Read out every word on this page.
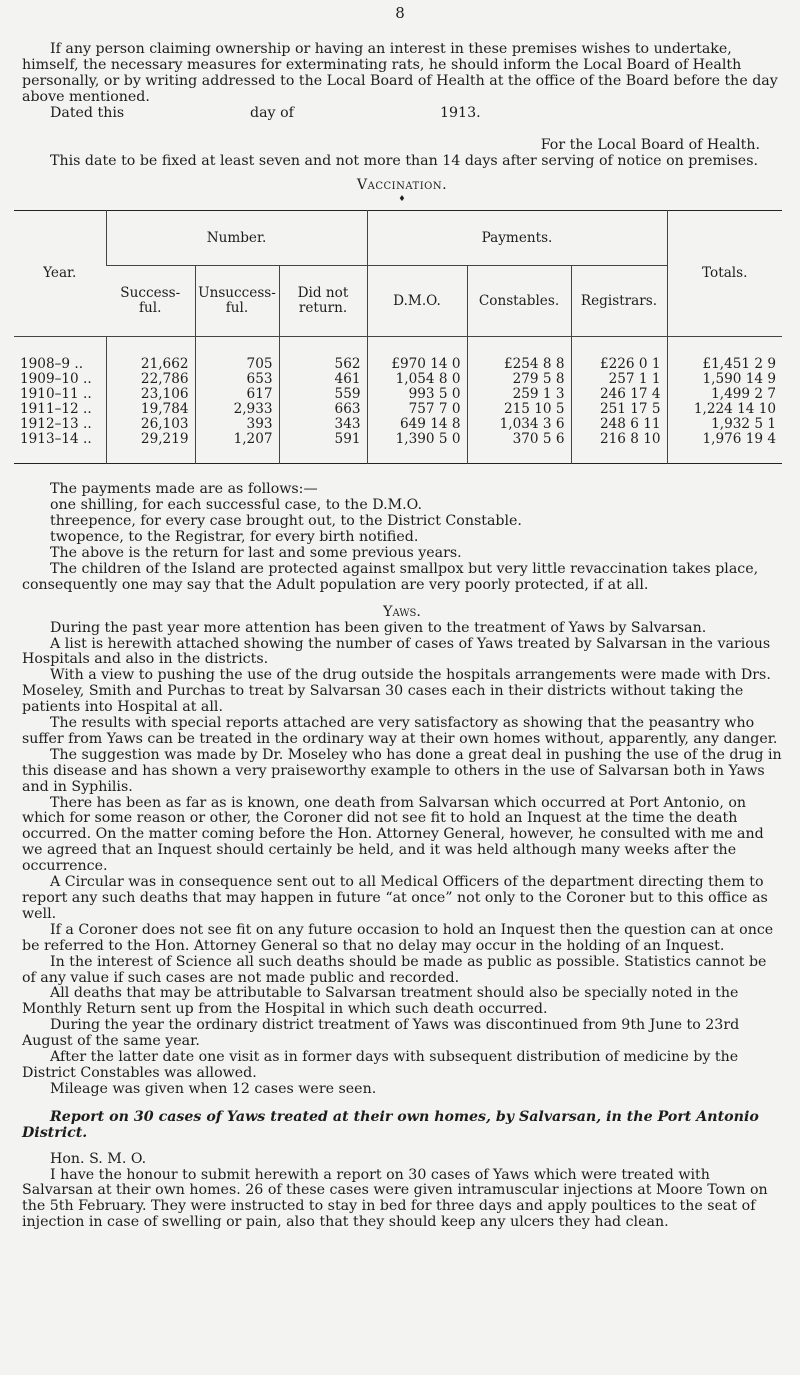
8

If any person claiming ownership or having an interest in these premises wishes to undertake, himself, the necessary measures for exterminating rats, he should inform the Local Board of Health personally, or by writing addressed to the Local Board of Health at the office of the Board before the day above mentioned.

Dated this	day of	1913.

For the Local Board of Health.

This date to be fixed at least seven and not more than 14 days after serving of notice on premises.

Vaccination.
♦
Year.	Number.			Payments.			Totals.
	Success- ful.	Unsuccess- ful.	Did not return.	D.M.O.	Constables.	Registrars.	

1908–9 ..	21,662	705	562	£970 14 0	£254 8 8	£226 0 1	£1,451 2 9
1909–10 ..	22,786	653	461	1,054 8 0	279 5 8	257 1 1	1,590 14 9
1910–11 ..	23,106	617	559	993 5 0	259 1 3	246 17 4	1,499 2 7
1911–12 ..	19,784	2,933	663	757 7 0	215 10 5	251 17 5	1,224 14 10
1912–13 ..	26,103	393	343	649 14 8	1,034 3 6	248 6 11	1,932 5 1
1913–14 ..	29,219	1,207	591	1,390 5 0	370 5 6	216 8 10	1,976 19 4

The payments made are as follows:—

one shilling, for each successful case, to the D.M.O.

threepence, for every case brought out, to the District Constable.

twopence, to the Registrar, for every birth notified.

The above is the return for last and some previous years.

The children of the Island are protected against smallpox but very little revaccination takes place, consequently one may say that the Adult population are very poorly protected, if at all.

Yaws.

During the past year more attention has been given to the treatment of Yaws by Salvarsan.

A list is herewith attached showing the number of cases of Yaws treated by Salvarsan in the various Hospitals and also in the districts.

With a view to pushing the use of the drug outside the hospitals arrangements were made with Drs. Moseley, Smith and Purchas to treat by Salvarsan 30 cases each in their districts without taking the patients into Hospital at all.

The results with special reports attached are very satisfactory as showing that the peasantry who suffer from Yaws can be treated in the ordinary way at their own homes without, apparently, any danger.

The suggestion was made by Dr. Moseley who has done a great deal in pushing the use of the drug in this disease and has shown a very praiseworthy example to others in the use of Salvarsan both in Yaws and in Syphilis.

There has been as far as is known, one death from Salvarsan which occurred at Port Antonio, on which for some reason or other, the Coroner did not see fit to hold an Inquest at the time the death occurred. On the matter coming before the Hon. Attorney General, however, he consulted with me and we agreed that an Inquest should certainly be held, and it was held although many weeks after the occurrence.

A Circular was in consequence sent out to all Medical Officers of the department directing them to report any such deaths that may happen in future “at once” not only to the Coroner but to this office as well.

If a Coroner does not see fit on any future occasion to hold an Inquest then the question can at once be referred to the Hon. Attorney General so that no delay may occur in the holding of an Inquest.

In the interest of Science all such deaths should be made as public as possible. Statistics cannot be of any value if such cases are not made public and recorded.

All deaths that may be attributable to Salvarsan treatment should also be specially noted in the Monthly Return sent up from the Hospital in which such death occurred.

During the year the ordinary district treatment of Yaws was discontinued from 9th June to 23rd August of the same year.

After the latter date one visit as in former days with subsequent distribution of medicine by the District Constables was allowed.

Mileage was given when 12 cases were seen.

Report on 30 cases of Yaws treated at their own homes, by Salvarsan, in the Port Antonio District.

Hon. S. M. O.

I have the honour to submit herewith a report on 30 cases of Yaws which were treated with Salvarsan at their own homes. 26 of these cases were given intramuscular injections at Moore Town on the 5th February. They were instructed to stay in bed for three days and apply poultices to the seat of injection in case of swelling or pain, also that they should keep any ulcers they had clean.
